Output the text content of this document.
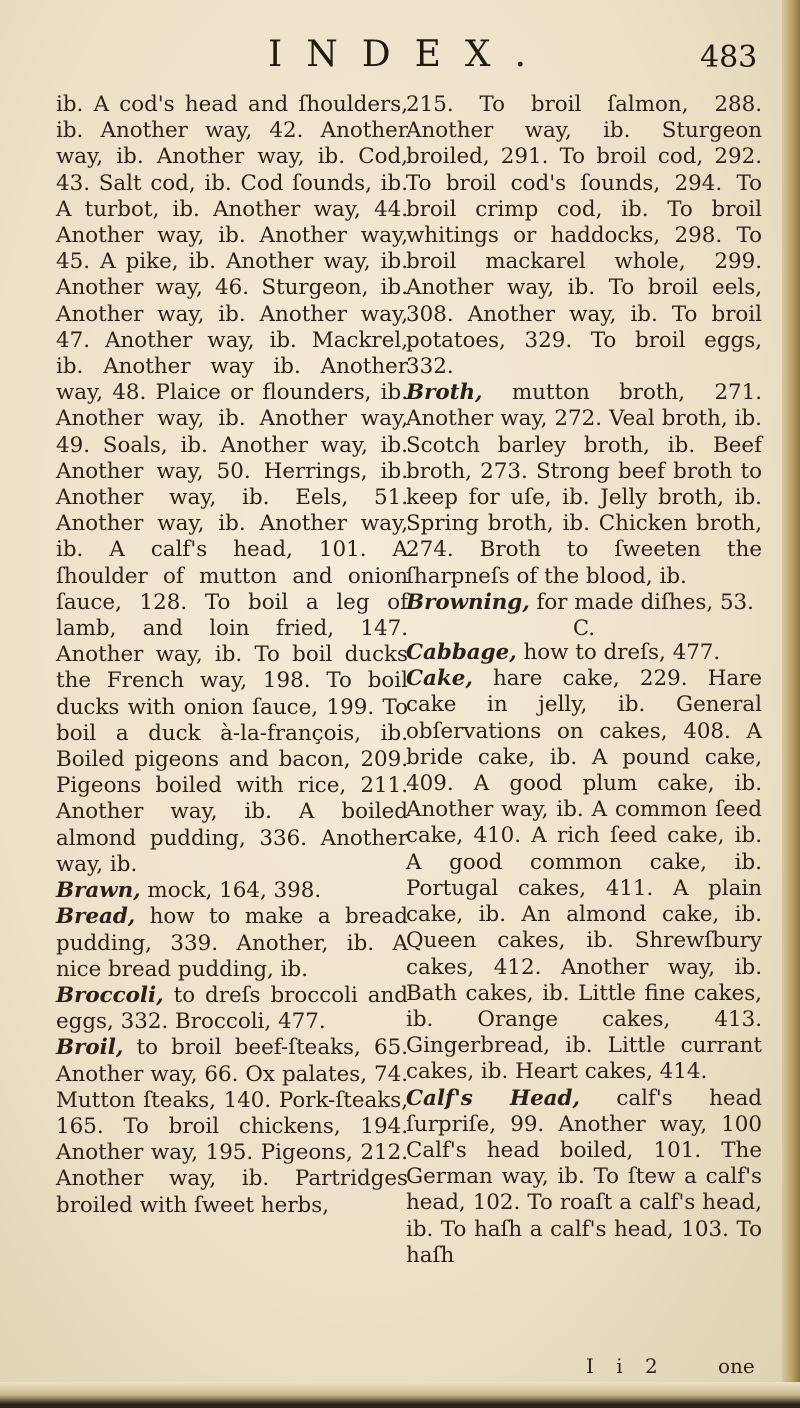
INDEX.	483

ib. A cod's head and ſhoulders, ib. Another way, 42. Another way, ib. Another way, ib. Cod, 43. Salt cod, ib. Cod ſounds, ib. A turbot, ib. Another way, 44. Another way, ib. Another way, 45. A pike, ib. Another way, ib. Another way, 46. Sturgeon, ib. Another way, ib. Another way, 47. Another way, ib. Mackrel, ib. Another way ib. Another way, 48. Plaice or flounders, ib. Another way, ib. Another way, 49. Soals, ib. Another way, ib. Another way, 50. Herrings, ib. Another way, ib. Eels, 51. Another way, ib. Another way, ib. A calf's head, 101. A ſhoulder of mutton and onion ſauce, 128. To boil a leg of lamb, and loin fried, 147. Another way, ib. To boil ducks the French way, 198. To boil ducks with onion ſauce, 199. To boil a duck à-la-françois, ib. Boiled pigeons and bacon, 209. Pigeons boiled with rice, 211. Another way, ib. A boiled almond pudding, 336. Another way, ib.

Brawn, mock, 164, 398.

Bread, how to make a bread pudding, 339. Another, ib. A nice bread pudding, ib.

Broccoli, to dreſs broccoli and eggs, 332. Broccoli, 477.

Broil, to broil beef-ſteaks, 65. Another way, 66. Ox palates, 74. Mutton ſteaks, 140. Pork-ſteaks, 165. To broil chickens, 194. Another way, 195. Pigeons, 212. Another way, ib. Partridges broiled with ſweet herbs,

215. To broil ſalmon, 288. Another way, ib. Sturgeon broiled, 291. To broil cod, 292. To broil cod's ſounds, 294. To broil crimp cod, ib. To broil whitings or haddocks, 298. To broil mackarel whole, 299. Another way, ib. To broil eels, 308. Another way, ib. To broil potatoes, 329. To broil eggs, 332.

Broth, mutton broth, 271. Another way, 272. Veal broth, ib. Scotch barley broth, ib. Beef broth, 273. Strong beef broth to keep for uſe, ib. Jelly broth, ib. Spring broth, ib. Chicken broth, 274. Broth to ſweeten the ſharpneſs of the blood, ib.

Browning, for made diſhes, 53.

C.

Cabbage, how to dreſs, 477.

Cake, hare cake, 229. Hare cake in jelly, ib. General obſervations on cakes, 408. A bride cake, ib. A pound cake, 409. A good plum cake, ib. Another way, ib. A common ſeed cake, 410. A rich ſeed cake, ib. A good common cake, ib. Portugal cakes, 411. A plain cake, ib. An almond cake, ib. Queen cakes, ib. Shrewſbury cakes, 412. Another way, ib. Bath cakes, ib. Little fine cakes, ib. Orange cakes, 413. Gingerbread, ib. Little currant cakes, ib. Heart cakes, 414.

Calf's Head, calf's head ſurpriſe, 99. Another way, 100 Calf's head boiled, 101. The German way, ib. To ſtew a calf's head, 102. To roaſt a calf's head, ib. To haſh a calf's head, 103. To haſh

I i 2	one
